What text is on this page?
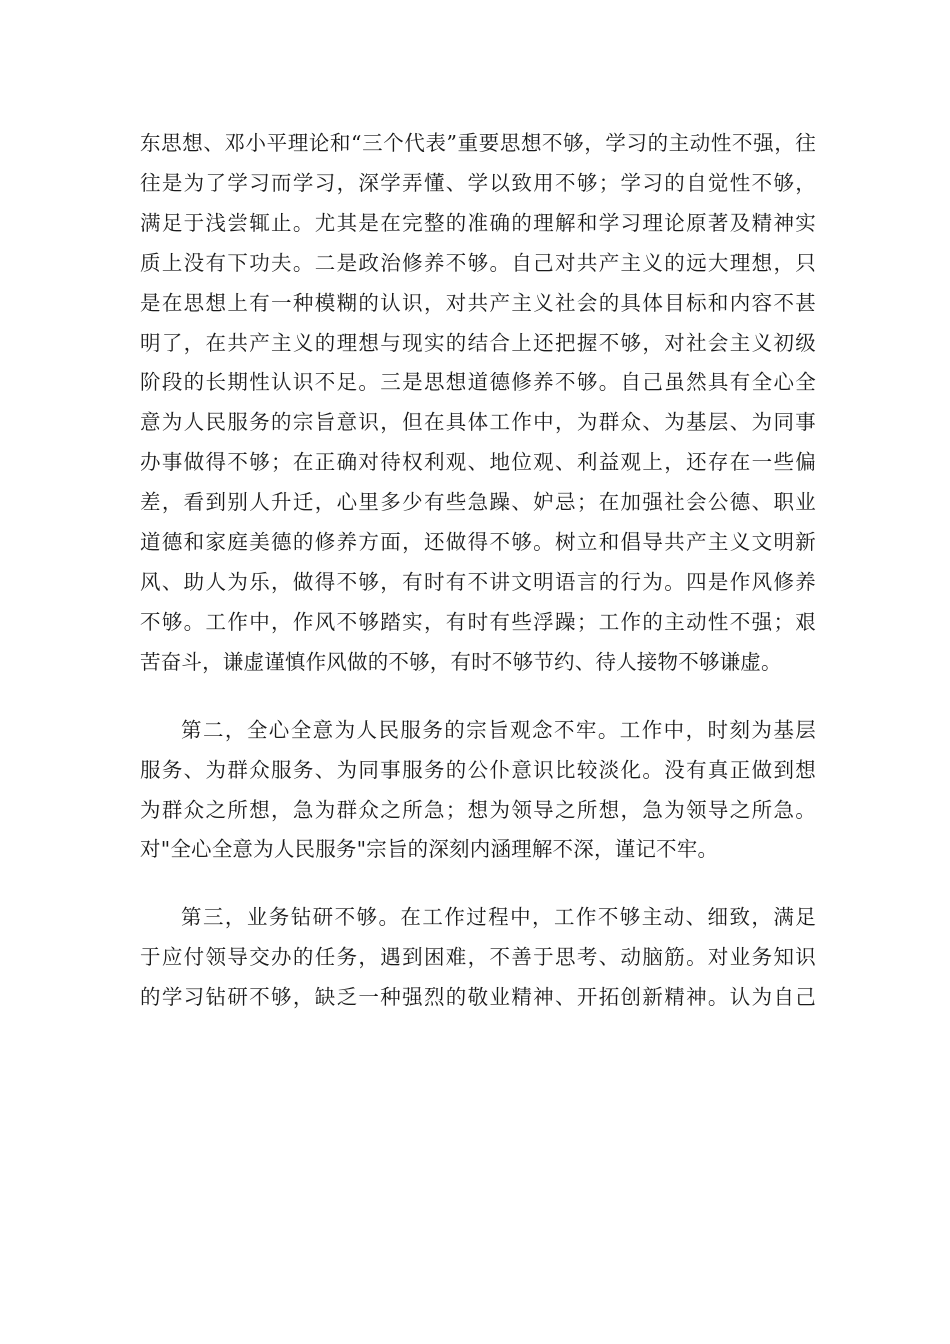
东思想、邓小平理论和“三个代表”重要思想不够，学习的主动性不强，往
往是为了学习而学习，深学弄懂、学以致用不够；学习的自觉性不够，
满足于浅尝辄止。尤其是在完整的准确的理解和学习理论原著及精神实
质上没有下功夫。二是政治修养不够。自己对共产主义的远大理想，只
是在思想上有一种模糊的认识，对共产主义社会的具体目标和内容不甚
明了，在共产主义的理想与现实的结合上还把握不够，对社会主义初级
阶段的长期性认识不足。三是思想道德修养不够。自己虽然具有全心全
意为人民服务的宗旨意识，但在具体工作中，为群众、为基层、为同事
办事做得不够；在正确对待权利观、地位观、利益观上，还存在一些偏
差，看到别人升迁，心里多少有些急躁、妒忌；在加强社会公德、职业
道德和家庭美德的修养方面，还做得不够。树立和倡导共产主义文明新
风、助人为乐，做得不够，有时有不讲文明语言的行为。四是作风修养
不够。工作中，作风不够踏实，有时有些浮躁；工作的主动性不强；艰
苦奋斗，谦虚谨慎作风做的不够，有时不够节约、待人接物不够谦虚。

第二，全心全意为人民服务的宗旨观念不牢。工作中，时刻为基层
服务、为群众服务、为同事服务的公仆意识比较淡化。没有真正做到想
为群众之所想，急为群众之所急；想为领导之所想，急为领导之所急。
对"全心全意为人民服务"宗旨的深刻内涵理解不深，谨记不牢。

第三，业务钻研不够。在工作过程中，工作不够主动、细致，满足
于应付领导交办的任务，遇到困难，不善于思考、动脑筋。对业务知识
的学习钻研不够，缺乏一种强烈的敬业精神、开拓创新精神。认为自己
